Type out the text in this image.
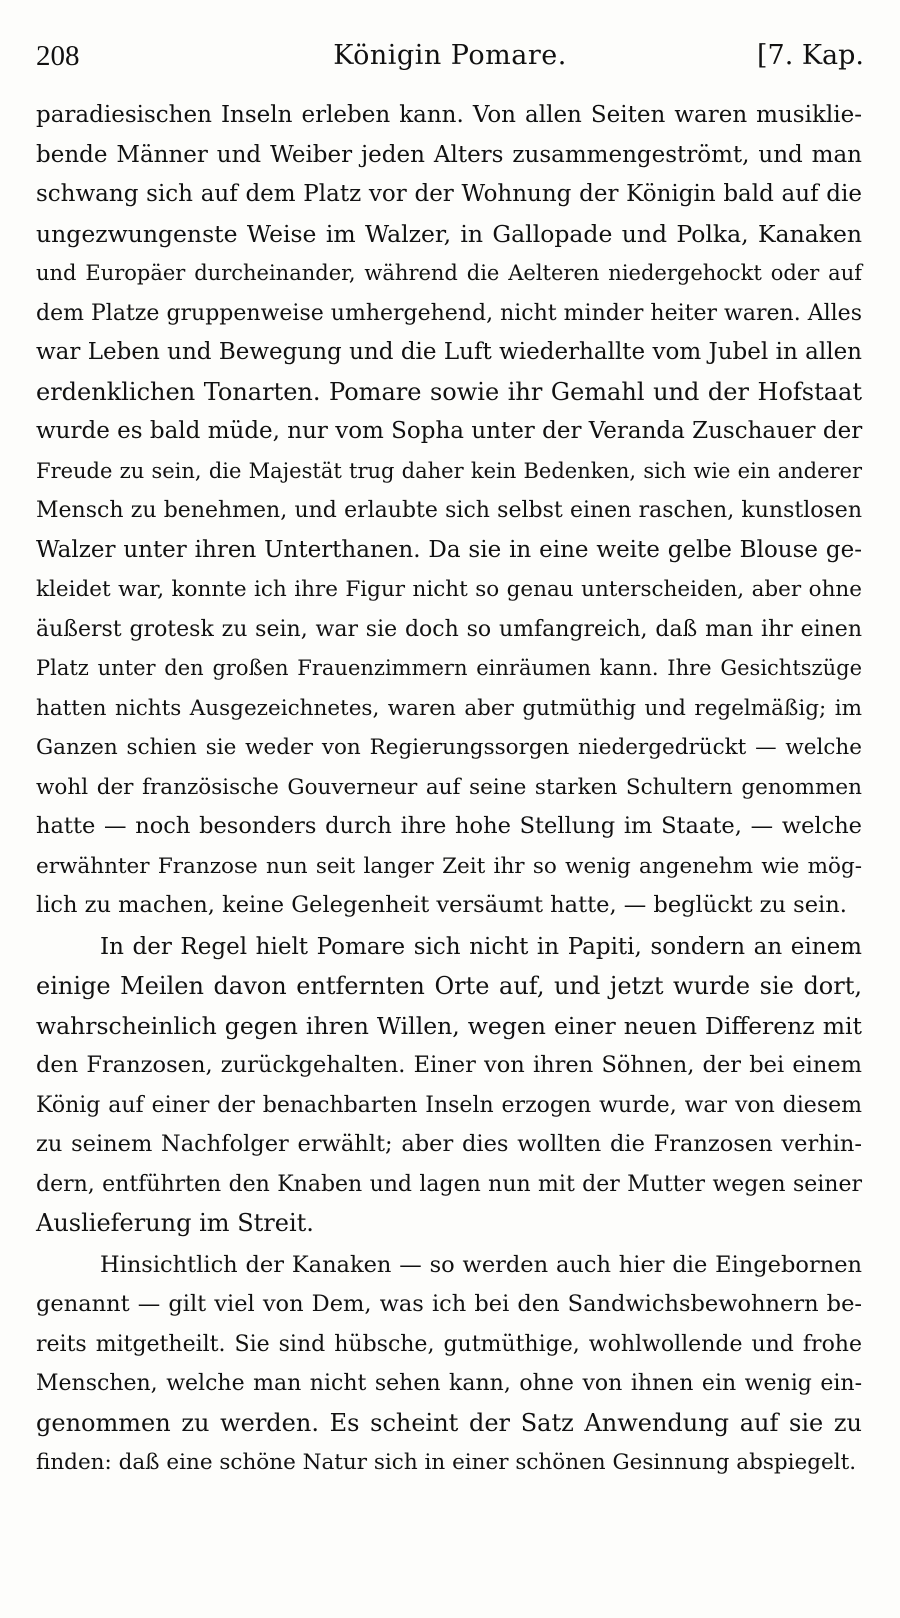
208	Königin Pomare.	[7. Kap.
paradiesischen Inseln erleben kann. Von allen Seiten waren musiklie-
bende Männer und Weiber jeden Alters zusammengeströmt, und man
schwang sich auf dem Platz vor der Wohnung der Königin bald auf die
ungezwungenste Weise im Walzer, in Gallopade und Polka, Kanaken
und Europäer durcheinander, während die Aelteren niedergehockt oder auf
dem Platze gruppenweise umhergehend, nicht minder heiter waren. Alles
war Leben und Bewegung und die Luft wiederhallte vom Jubel in allen
erdenklichen Tonarten. Pomare sowie ihr Gemahl und der Hofstaat
wurde es bald müde, nur vom Sopha unter der Veranda Zuschauer der
Freude zu sein, die Majestät trug daher kein Bedenken, sich wie ein anderer
Mensch zu benehmen, und erlaubte sich selbst einen raschen, kunstlosen
Walzer unter ihren Unterthanen. Da sie in eine weite gelbe Blouse ge-
kleidet war, konnte ich ihre Figur nicht so genau unterscheiden, aber ohne
äußerst grotesk zu sein, war sie doch so umfangreich, daß man ihr einen
Platz unter den großen Frauenzimmern einräumen kann. Ihre Gesichtszüge
hatten nichts Ausgezeichnetes, waren aber gutmüthig und regelmäßig; im
Ganzen schien sie weder von Regierungssorgen niedergedrückt — welche
wohl der französische Gouverneur auf seine starken Schultern genommen
hatte — noch besonders durch ihre hohe Stellung im Staate, — welche
erwähnter Franzose nun seit langer Zeit ihr so wenig angenehm wie mög-
lich zu machen, keine Gelegenheit versäumt hatte, — beglückt zu sein.
In der Regel hielt Pomare sich nicht in Papiti, sondern an einem
einige Meilen davon entfernten Orte auf, und jetzt wurde sie dort,
wahrscheinlich gegen ihren Willen, wegen einer neuen Differenz mit
den Franzosen, zurückgehalten. Einer von ihren Söhnen, der bei einem
König auf einer der benachbarten Inseln erzogen wurde, war von diesem
zu seinem Nachfolger erwählt; aber dies wollten die Franzosen verhin-
dern, entführten den Knaben und lagen nun mit der Mutter wegen seiner
Auslieferung im Streit.
Hinsichtlich der Kanaken — so werden auch hier die Eingebornen
genannt — gilt viel von Dem, was ich bei den Sandwichsbewohnern be-
reits mitgetheilt. Sie sind hübsche, gutmüthige, wohlwollende und frohe
Menschen, welche man nicht sehen kann, ohne von ihnen ein wenig ein-
genommen zu werden. Es scheint der Satz Anwendung auf sie zu
finden: daß eine schöne Natur sich in einer schönen Gesinnung abspiegelt.
